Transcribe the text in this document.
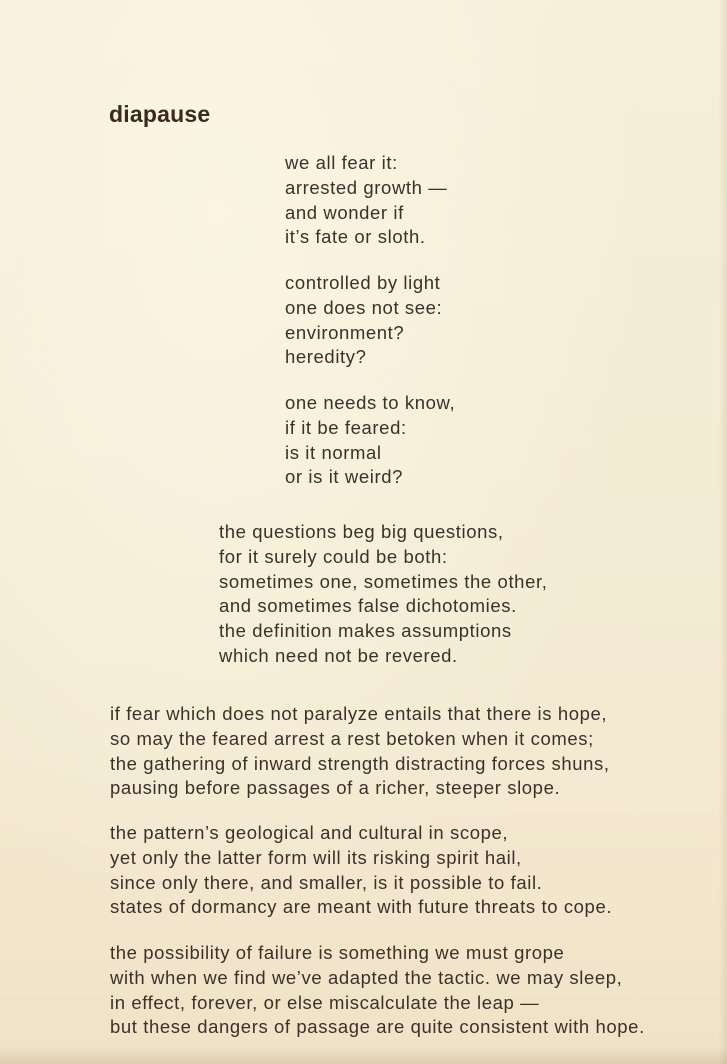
diapause
we all fear it:
arrested growth —
and wonder if
it’s fate or sloth.
controlled by light
one does not see:
environment?
heredity?
one needs to know,
if it be feared:
is it normal
or is it weird?
the questions beg big questions,
for it surely could be both:
sometimes one, sometimes the other,
and sometimes false dichotomies.
the definition makes assumptions
which need not be revered.
if fear which does not paralyze entails that there is hope,
so may the feared arrest a rest betoken when it comes;
the gathering of inward strength distracting forces shuns,
pausing before passages of a richer, steeper slope.
the pattern’s geological and cultural in scope,
yet only the latter form will its risking spirit hail,
since only there, and smaller, is it possible to fail.
states of dormancy are meant with future threats to cope.
the possibility of failure is something we must grope
with when we find we’ve adapted the tactic. we may sleep,
in effect, forever, or else miscalculate the leap —
but these dangers of passage are quite consistent with hope.
